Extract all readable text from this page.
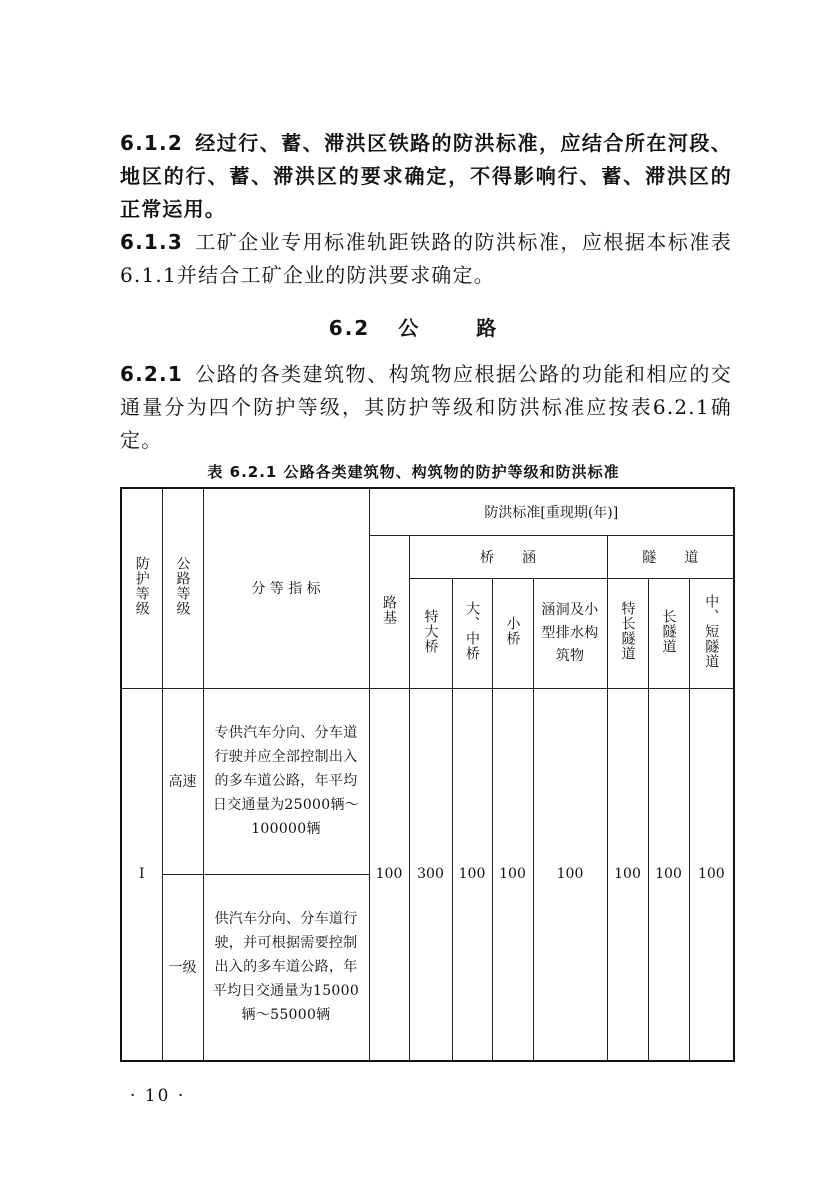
6.1.2 经过行、蓄、滞洪区铁路的防洪标准，应结合所在河段、地区的行、蓄、滞洪区的要求确定，不得影响行、蓄、滞洪区的正常运用。
6.1.3 工矿企业专用标准轨距铁路的防洪标准，应根据本标准表6.1.1并结合工矿企业的防洪要求确定。
6.2 公	路
6.2.1 公路的各类建筑物、构筑物应根据公路的功能和相应的交通量分为四个防护等级，其防护等级和防洪标准应按表6.2.1确定。
表 6.2.1 公路各类建筑物、构筑物的防护等级和防洪标准
防护等级	公路等级	分 等 指 标	防洪标准[重现期(年)]							
			路基	桥　　涵				隧　　道		
				特大桥	大、中桥	小桥	涵洞及小型排水构筑物	特长隧道	长隧道	中、短隧道
Ⅰ	高速	专供汽车分向、分车道行驶并应全部控制出入的多车道公路，年平均日交通量为25000辆～100000辆	100	300	100	100	100	100	100	100
	一级	供汽车分向、分车道行驶，并可根据需要控制出入的多车道公路，年平均日交通量为15000辆～55000辆								
· 10 ·
